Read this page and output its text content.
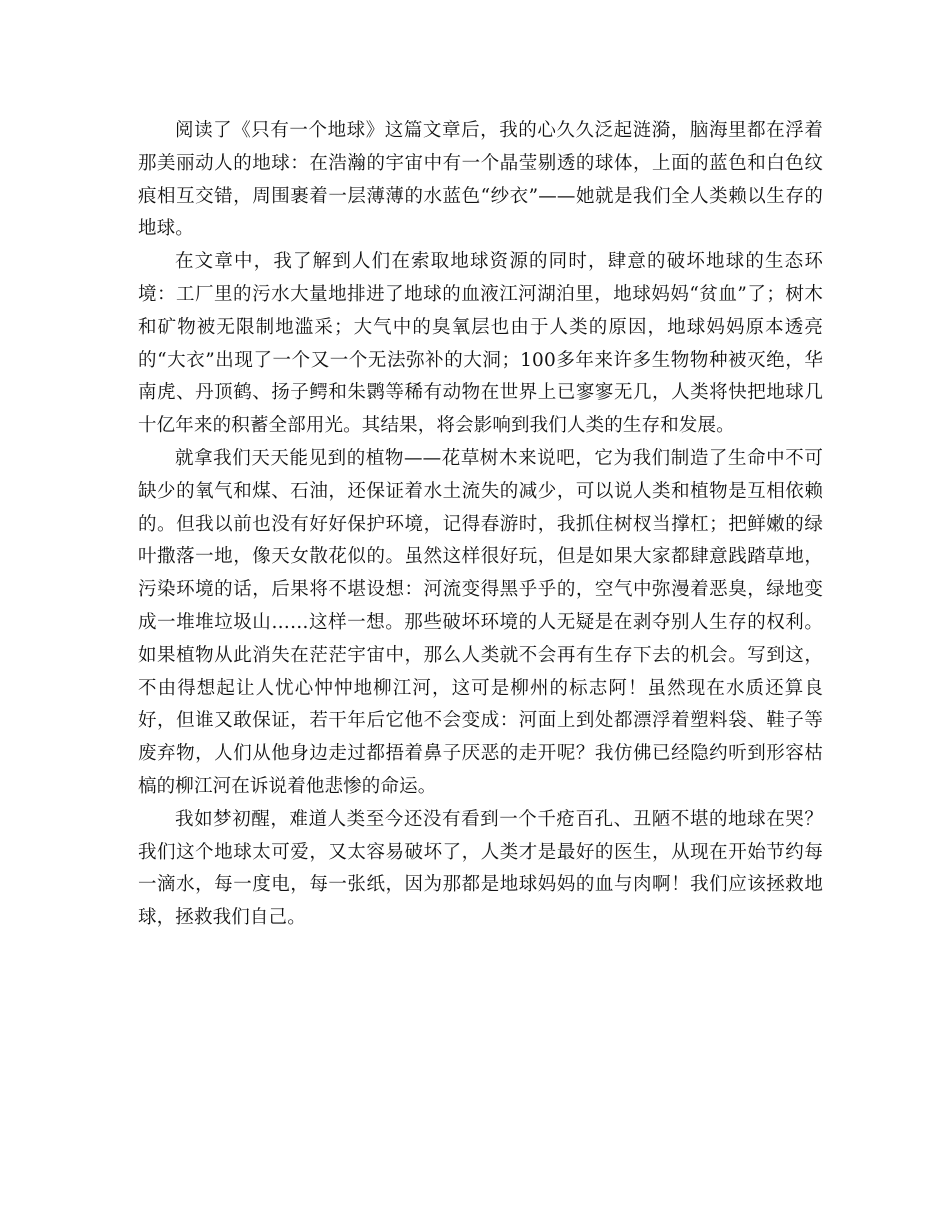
阅读了《只有一个地球》这篇文章后，我的心久久泛起涟漪，脑海里都在浮着那美丽动人的地球：在浩瀚的宇宙中有一个晶莹剔透的球体，上面的蓝色和白色纹痕相互交错，周围裹着一层薄薄的水蓝色“纱衣”——她就是我们全人类赖以生存的地球。

在文章中，我了解到人们在索取地球资源的同时，肆意的破坏地球的生态环境：工厂里的污水大量地排进了地球的血液江河湖泊里，地球妈妈“贫血”了；树木和矿物被无限制地滥采；大气中的臭氧层也由于人类的原因，地球妈妈原本透亮的“大衣”出现了一个又一个无法弥补的大洞；100多年来许多生物物种被灭绝，华南虎、丹顶鹤、扬子鳄和朱鹮等稀有动物在世界上已寥寥无几，人类将快把地球几十亿年来的积蓄全部用光。其结果，将会影响到我们人类的生存和发展。

就拿我们天天能见到的植物——花草树木来说吧，它为我们制造了生命中不可缺少的氧气和煤、石油，还保证着水土流失的减少，可以说人类和植物是互相依赖的。但我以前也没有好好保护环境，记得春游时，我抓住树杈当撑杠；把鲜嫩的绿叶撒落一地，像天女散花似的。虽然这样很好玩，但是如果大家都肆意践踏草地，污染环境的话，后果将不堪设想：河流变得黑乎乎的，空气中弥漫着恶臭，绿地变成一堆堆垃圾山……这样一想。那些破坏环境的人无疑是在剥夺别人生存的权利。如果植物从此消失在茫茫宇宙中，那么人类就不会再有生存下去的机会。写到这，不由得想起让人忧心忡忡地柳江河，这可是柳州的标志阿！虽然现在水质还算良好，但谁又敢保证，若干年后它他不会变成：河面上到处都漂浮着塑料袋、鞋子等废弃物，人们从他身边走过都捂着鼻子厌恶的走开呢？我仿佛已经隐约听到形容枯槁的柳江河在诉说着他悲惨的命运。

我如梦初醒，难道人类至今还没有看到一个千疮百孔、丑陋不堪的地球在哭？我们这个地球太可爱，又太容易破坏了，人类才是最好的医生，从现在开始节约每一滴水，每一度电，每一张纸，因为那都是地球妈妈的血与肉啊！我们应该拯救地球，拯救我们自己。
